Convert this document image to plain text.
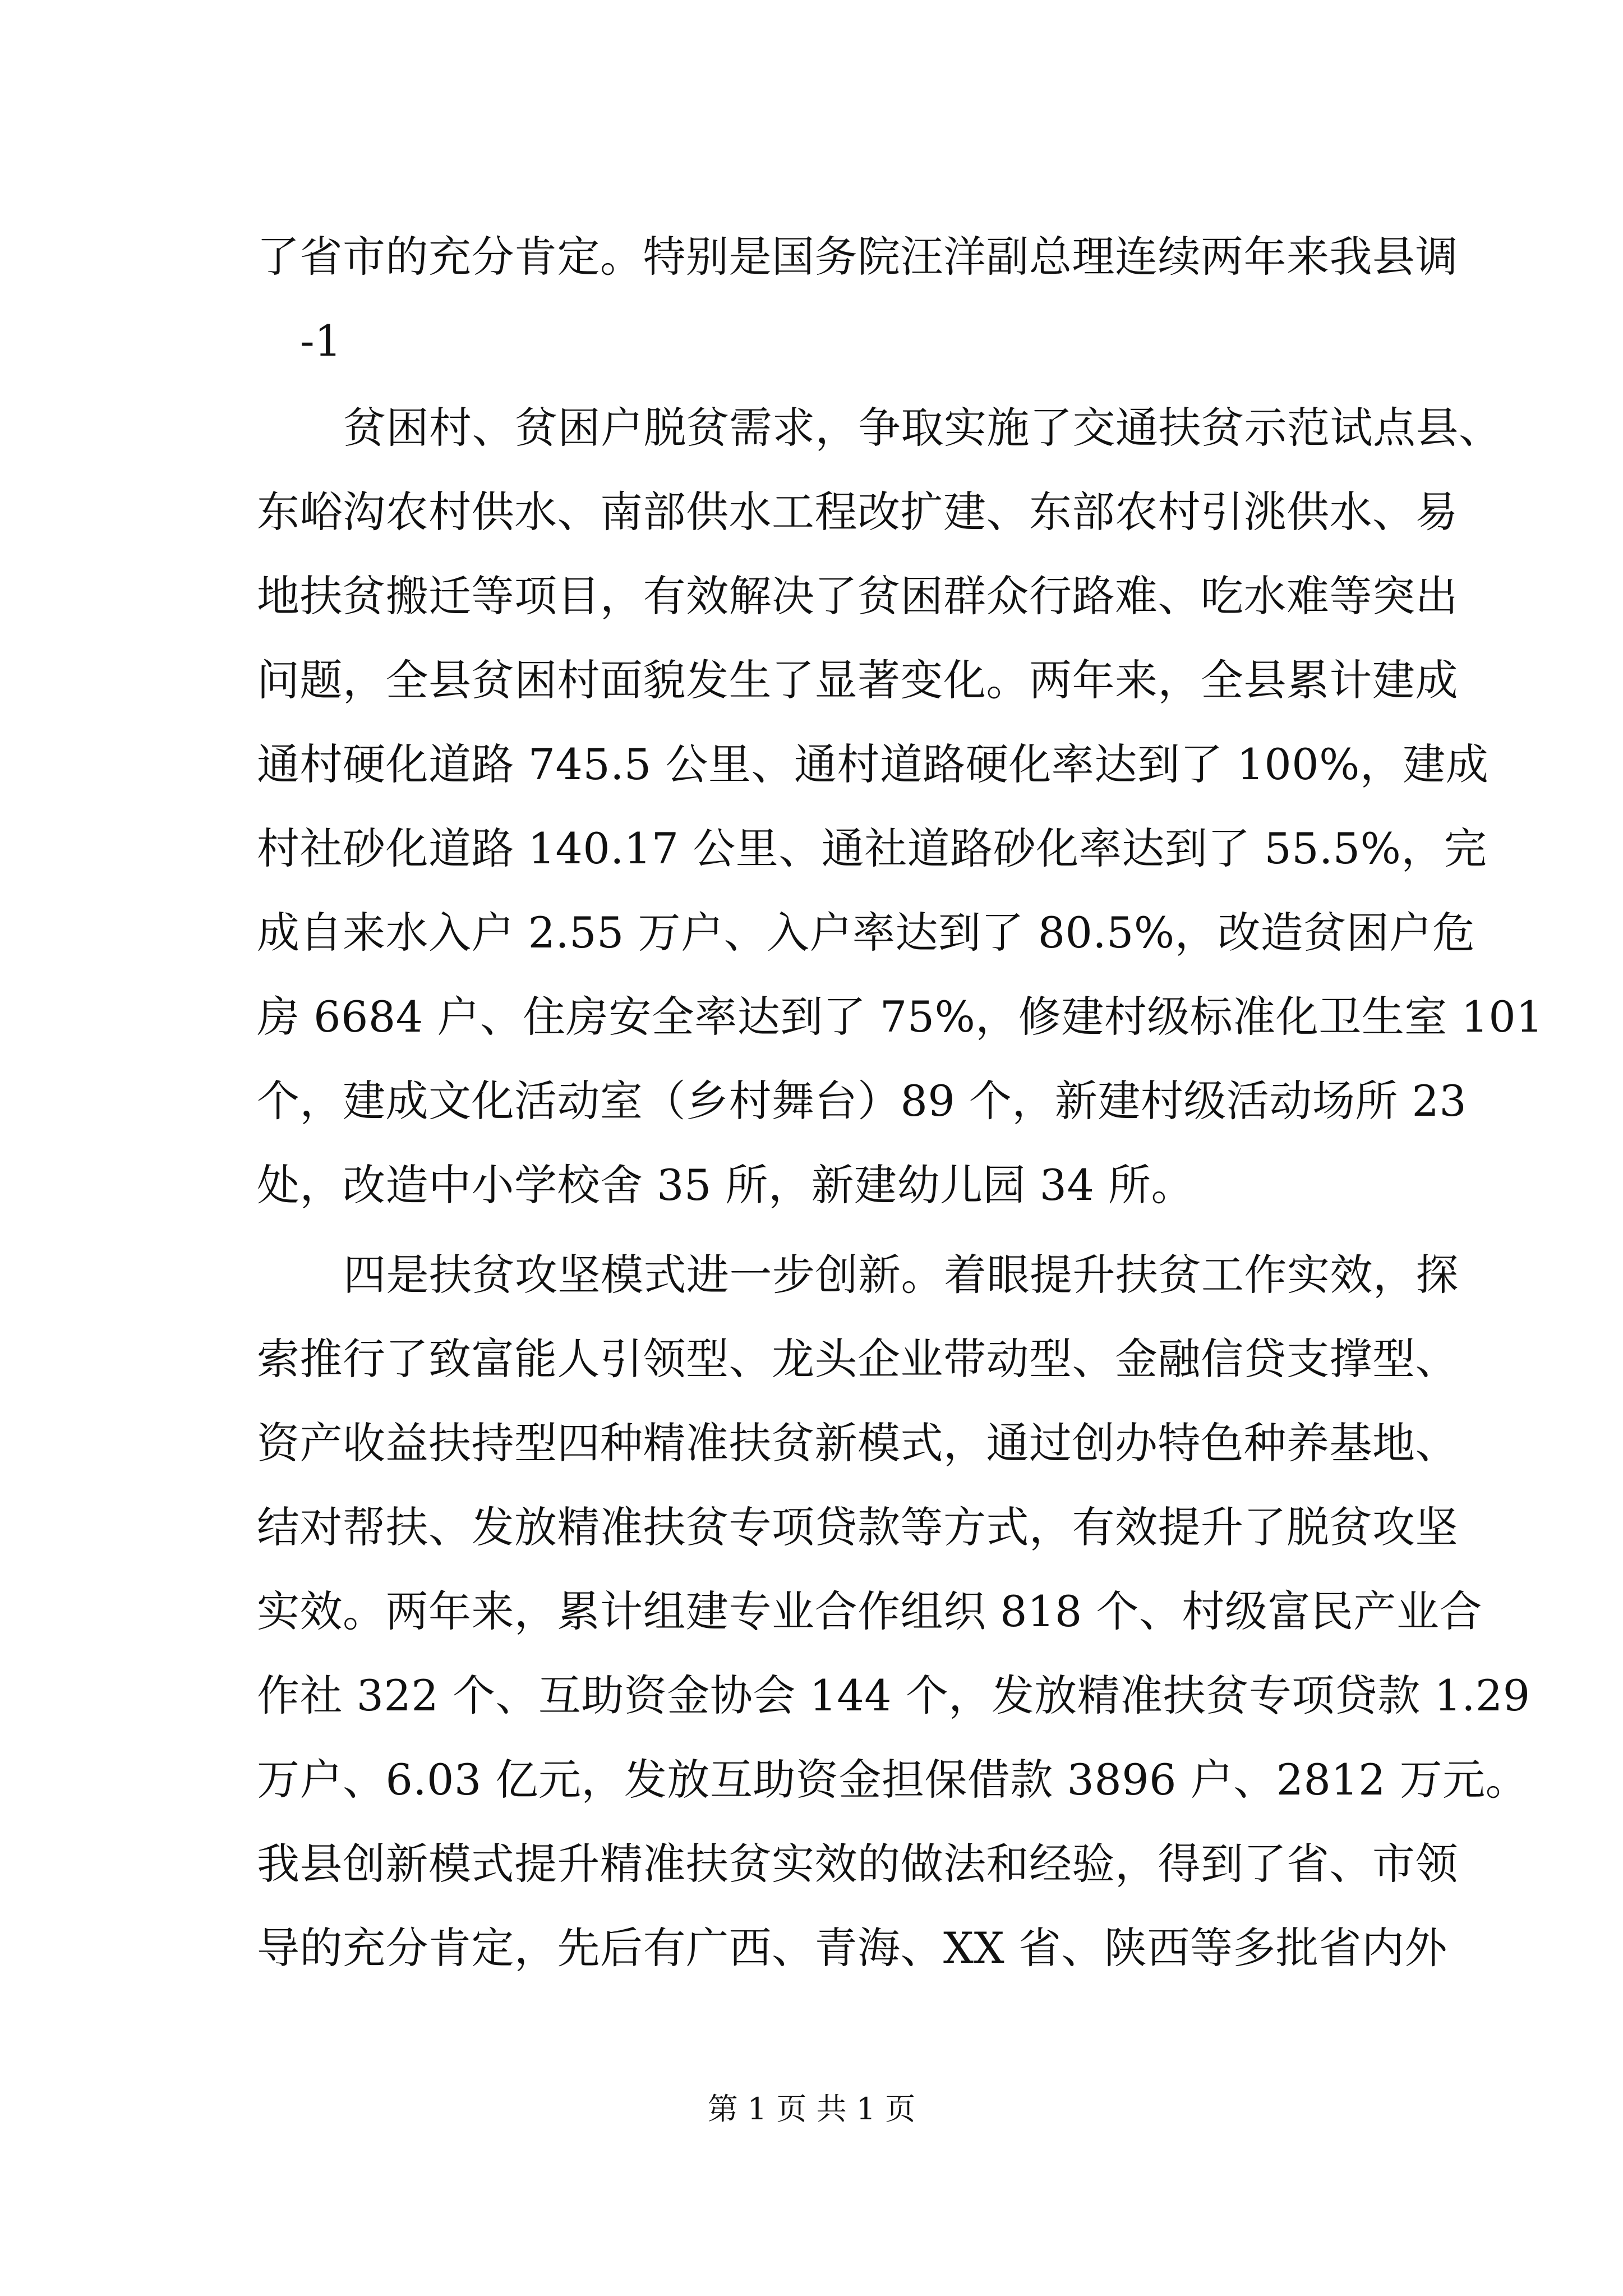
了省市的充分肯定。特别是国务院汪洋副总理连续两年来我县调
-1
贫困村、贫困户脱贫需求，争取实施了交通扶贫示范试点县、
东峪沟农村供水、南部供水工程改扩建、东部农村引洮供水、易
地扶贫搬迁等项目，有效解决了贫困群众行路难、吃水难等突出
问题，全县贫困村面貌发生了显著变化。两年来，全县累计建成
通村硬化道路 745.5 公里、通村道路硬化率达到了 100%，建成
村社砂化道路 140.17 公里、通社道路砂化率达到了 55.5%，完
成自来水入户 2.55 万户、入户率达到了 80.5%，改造贫困户危
房 6684 户、住房安全率达到了 75%，修建村级标准化卫生室 101
个，建成文化活动室（乡村舞台）89 个，新建村级活动场所 23
处，改造中小学校舍 35 所，新建幼儿园 34 所。
四是扶贫攻坚模式进一步创新。着眼提升扶贫工作实效，探
索推行了致富能人引领型、龙头企业带动型、金融信贷支撑型、
资产收益扶持型四种精准扶贫新模式，通过创办特色种养基地、
结对帮扶、发放精准扶贫专项贷款等方式，有效提升了脱贫攻坚
实效。两年来，累计组建专业合作组织 818 个、村级富民产业合
作社 322 个、互助资金协会 144 个，发放精准扶贫专项贷款 1.29
万户、6.03 亿元，发放互助资金担保借款 3896 户、2812 万元。
我县创新模式提升精准扶贫实效的做法和经验，得到了省、市领
导的充分肯定，先后有广西、青海、XX 省、陕西等多批省内外
第 1 页 共 1 页
